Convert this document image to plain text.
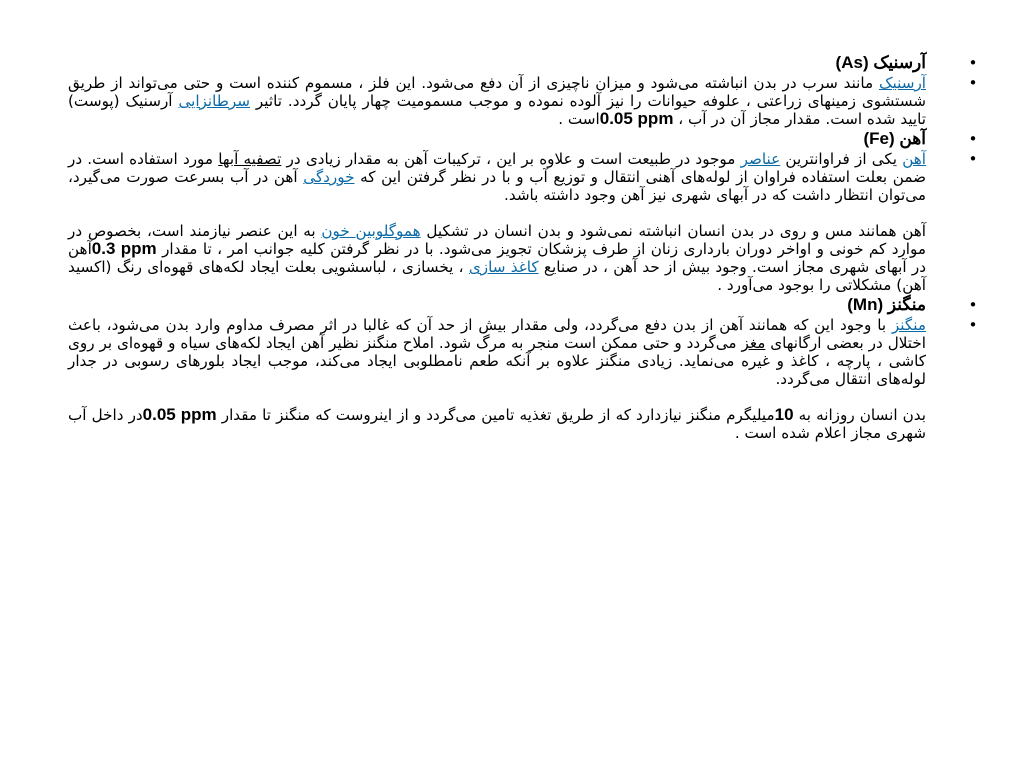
•
آرسنیک (As)
•
آرسنیک مانند سرب در بدن انباشته می‌شود و میزان ناچیزی از آن دفع می‌شود. این فلز ، مسموم کننده است و حتی می‌تواند از طریق شستشوی زمینهای زراعتی ، علوفه حیوانات را نیز آلوده نموده و موجب مسمومیت چهار پایان گردد. تاثیر سرطانزایی آرسنیک (پوست) تایید شده است. مقدار مجاز آن در آب ، 0.05 ppmاست .
•
آهن (Fe)
•
آهن یکی از فراوانترین عناصر موجود در طبیعت است و علاوه بر این ، ترکیبات آهن به مقدار زیادی در تصفیه آبها مورد استفاده است. در ضمن بعلت استفاده فراوان از لوله‌های آهنی انتقال و توزیع آب و با در نظر گرفتن این که خوردگی آهن در آب بسرعت صورت می‌گیرد، می‌توان انتظار داشت که در آبهای شهری نیز آهن وجود داشته باشد.
آهن همانند مس و روی در بدن انسان انباشته نمی‌شود و بدن انسان در تشکیل هموگلوبین خون به این عنصر نیازمند است، بخصوص در موارد کم خونی و اواخر دوران بارداری زنان از طرف پزشکان تجویز می‌شود. با در نظر گرفتن کلیه جوانب امر ، تا مقدار 0.3 ppmآهن در آبهای شهری مجاز است. وجود بیش از حد آهن ، در صنایع کاغذ سازی ، یخسازی ، لباسشویی بعلت ایجاد لکه‌های قهوه‌ای رنگ (اکسید آهن) مشکلاتی را بوجود می‌آورد .
•
منگنز (Mn)
•
منگنز با وجود این که همانند آهن از بدن دفع می‌گردد، ولی مقدار بیش از حد آن که غالبا در اثر مصرف مداوم وارد بدن می‌شود، باعث اختلال در بعضی ارگانهای مغز می‌گردد و حتی ممکن است منجر به مرگ شود. املاح منگنز نظیر آهن ایجاد لکه‌های سیاه و قهوه‌ای بر روی کاشی ، پارچه ، کاغذ و غیره می‌نماید. زیادی منگنز علاوه بر آنکه طعم نامطلوبی ایجاد می‌کند، موجب ایجاد بلورهای رسوبی در جدار لوله‌های انتقال می‌گردد.
بدن انسان روزانه به 10میلیگرم منگنز نیازدارد که از طریق تغذیه تامین می‌گردد و از اینروست که منگنز تا مقدار 0.05 ppmدر داخل آب شهری مجاز اعلام شده است .
